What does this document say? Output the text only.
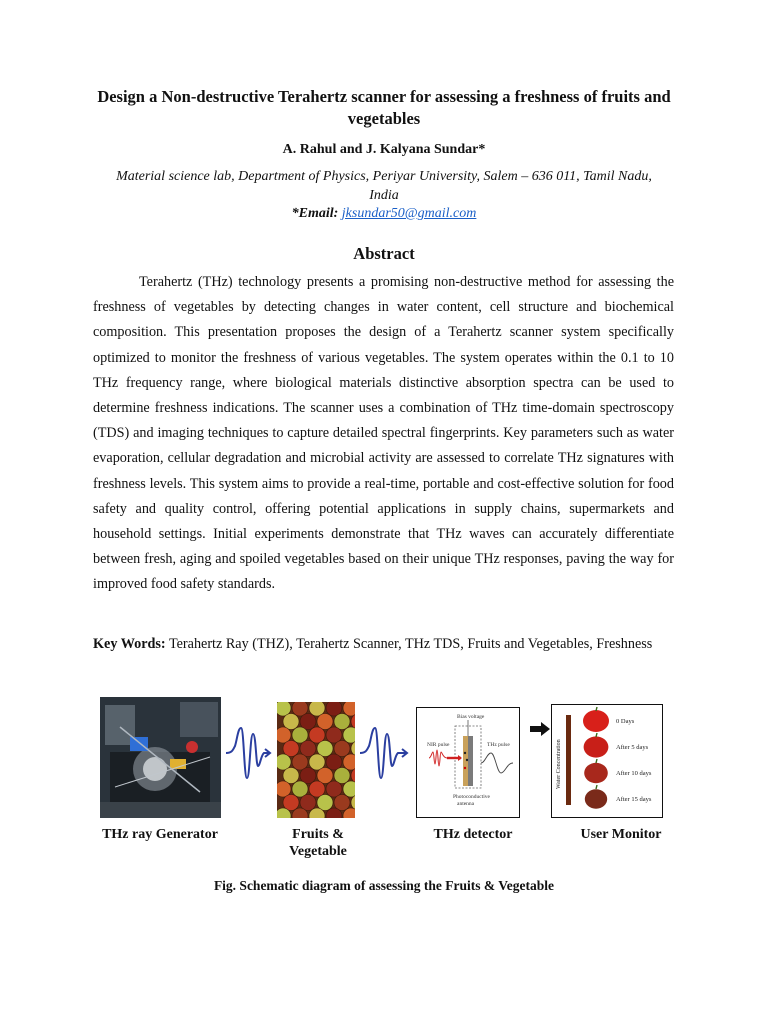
Design a Non-destructive Terahertz scanner for assessing a freshness of fruits and vegetables
A. Rahul and J. Kalyana Sundar*
Material science lab, Department of Physics, Periyar University, Salem – 636 011, Tamil Nadu, India
*Email: jksundar50@gmail.com
Abstract

Terahertz (THz) technology presents a promising non-destructive method for assessing the freshness of vegetables by detecting changes in water content, cell structure and biochemical composition. This presentation proposes the design of a Terahertz scanner system specifically optimized to monitor the freshness of various vegetables. The system operates within the 0.1 to 10 THz frequency range, where biological materials distinctive absorption spectra can be used to determine freshness indications. The scanner uses a combination of THz time-domain spectroscopy (TDS) and imaging techniques to capture detailed spectral fingerprints. Key parameters such as water evaporation, cellular degradation and microbial activity are assessed to correlate THz signatures with freshness levels. This system aims to provide a real-time, portable and cost-effective solution for food safety and quality control, offering potential applications in supply chains, supermarkets and household settings. Initial experiments demonstrate that THz waves can accurately differentiate between fresh, aging and spoiled vegetables based on their unique THz responses, paving the way for improved food safety standards.

Key Words: Terahertz Ray (THZ), Terahertz Scanner, THz TDS, Fruits and Vegetables, Freshness

Bias voltage
NIR pulse	THz pulse
Photoconductive
antenna
Water Concentration
0 Days
After 5 days
After 10 days
After 15 days
THz ray Generator	Fruits & Vegetable
THz detector	User Monitor
Fig. Schematic diagram of assessing the Fruits & Vegetable
